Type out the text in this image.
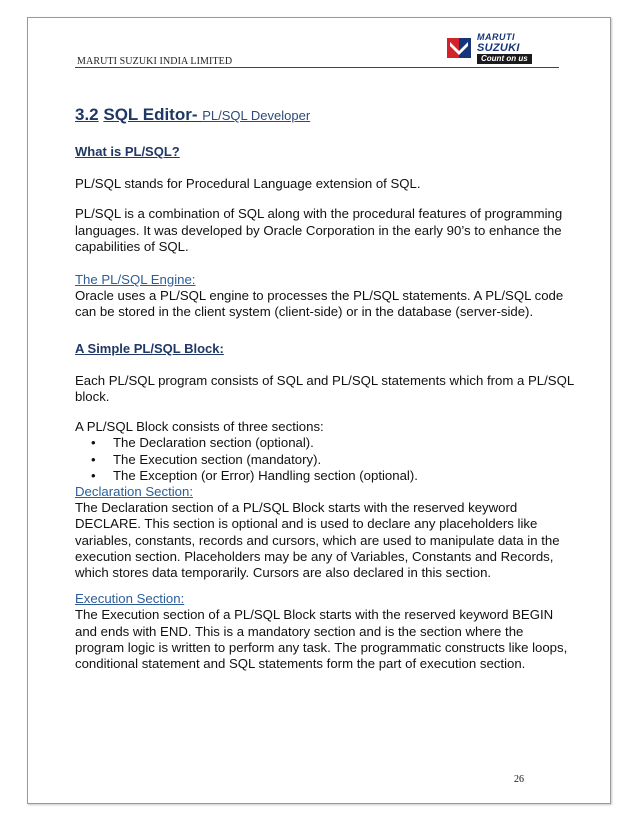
MARUTI SUZUKI INDIA LIMITED
MARUTI
SUZUKI
Count on us
3.2 SQL Editor- PL/SQL Developer

What is PL/SQL?

PL/SQL stands for Procedural Language extension of SQL.

PL/SQL is a combination of SQL along with the procedural features of programming languages. It was developed by Oracle Corporation in the early 90’s to enhance the capabilities of SQL.

The PL/SQL Engine:

Oracle uses a PL/SQL engine to processes the PL/SQL statements. A PL/SQL code can be stored in the client system (client-side) or in the database (server-side).

A Simple PL/SQL Block:

Each PL/SQL program consists of SQL and PL/SQL statements which from a PL/SQL block.

A PL/SQL Block consists of three sections:

• The Declaration section (optional).
• The Execution section (mandatory).
• The Exception (or Error) Handling section (optional).

Declaration Section:

The Declaration section of a PL/SQL Block starts with the reserved keyword DECLARE. This section is optional and is used to declare any placeholders like variables, constants, records and cursors, which are used to manipulate data in the execution section. Placeholders may be any of Variables, Constants and Records, which stores data temporarily. Cursors are also declared in this section.

Execution Section:

The Execution section of a PL/SQL Block starts with the reserved keyword BEGIN and ends with END. This is a mandatory section and is the section where the program logic is written to perform any task. The programmatic constructs like loops, conditional statement and SQL statements form the part of execution section.

26
